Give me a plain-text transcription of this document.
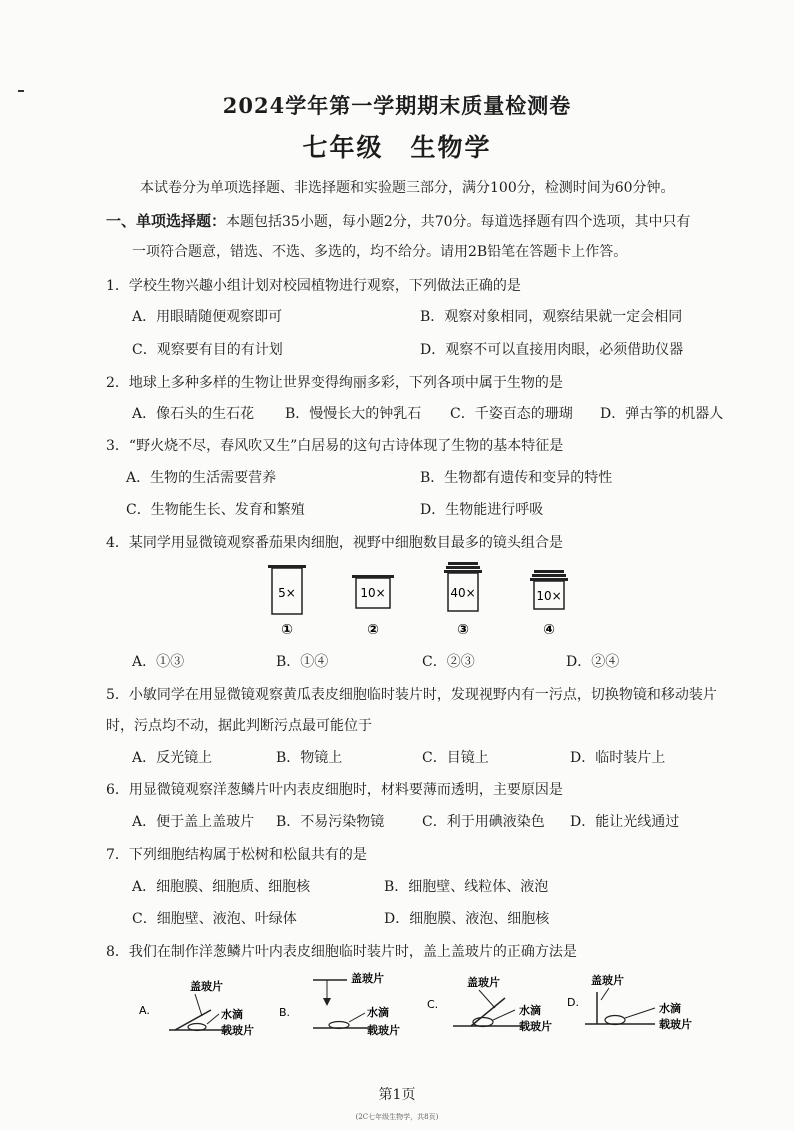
2024学年第一学期期末质量检测卷
七年级　生物学
本试卷分为单项选择题、非选择题和实验题三部分，满分100分，检测时间为60分钟。
一、单项选择题：本题包括35小题，每小题2分，共70分。每道选择题有四个选项，其中只有
一项符合题意，错选、不选、多选的，均不给分。请用2B铅笔在答题卡上作答。
1．学校生物兴趣小组计划对校园植物进行观察，下列做法正确的是
A．用眼睛随便观察即可	B．观察对象相同，观察结果就一定会相同
C．观察要有目的有计划	D．观察不可以直接用肉眼，必须借助仪器
2．地球上多种多样的生物让世界变得绚丽多彩，下列各项中属于生物的是
A．像石头的生石花 B．慢慢长大的钟乳石 C．千姿百态的珊瑚 D．弹古筝的机器人
3．“野火烧不尽，春风吹又生”白居易的这句古诗体现了生物的基本特征是
A．生物的生活需要营养	B．生物都有遗传和变异的特性
C．生物能生长、发育和繁殖	D．生物能进行呼吸
4．某同学用显微镜观察番茄果肉细胞，视野中细胞数目最多的镜头组合是
5×
①
10×
②
40×
③
10×
④
A．①③	B．①④	C．②③	D．②④
5．小敏同学在用显微镜观察黄瓜表皮细胞临时装片时，发现视野内有一污点，切换物镜和移动装片
时，污点均不动，据此判断污点最可能位于
A．反光镜上	B．物镜上	C．目镜上	D．临时装片上
6．用显微镜观察洋葱鳞片叶内表皮细胞时，材料要薄而透明，主要原因是
A．便于盖上盖玻片 B．不易污染物镜	C．利于用碘液染色 D．能让光线通过
7．下列细胞结构属于松树和松鼠共有的是
A．细胞膜、细胞质、细胞核	B．细胞壁、线粒体、液泡
C．细胞壁、液泡、叶绿体	D．细胞膜、液泡、细胞核
8．我们在制作洋葱鳞片叶内表皮细胞临时装片时，盖上盖玻片的正确方法是
A.
盖玻片
水滴
载玻片
B.
盖玻片
水滴
载玻片
C.
盖玻片
水滴
载玻片
D.
盖玻片
水滴
载玻片
第1页
(2C七年级生物学，共8页)
